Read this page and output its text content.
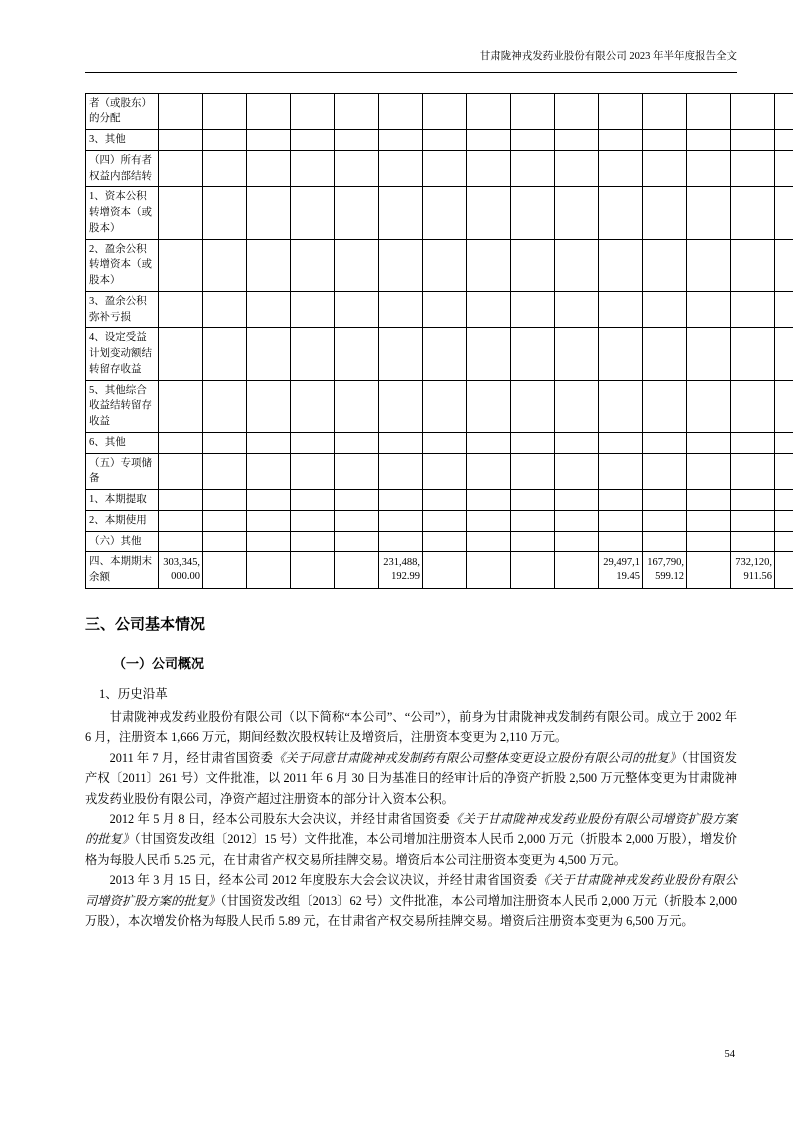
甘肃陇神戎发药业股份有限公司 2023 年半年度报告全文
者（或股东）的分配															
3、其他															
（四）所有者权益内部结转															
1、资本公积转增资本（或股本）															
2、盈余公积转增资本（或股本）															
3、盈余公积弥补亏损															
4、设定受益计划变动额结转留存收益															
5、其他综合收益结转留存收益															
6、其他															
（五）专项储备															
1、本期提取															
2、本期使用															
（六）其他															
四、本期期末余额	303,345,000.00					231,488,192.99					29,497,119.45	167,790,599.12		732,120,911.56	
三、公司基本情况
（一）公司概况
1、历史沿革

甘肃陇神戎发药业股份有限公司（以下简称“本公司”、“公司”），前身为甘肃陇神戎发制药有限公司。成立于 2002 年 6 月，注册资本 1,666 万元，期间经数次股权转让及增资后，注册资本变更为 2,110 万元。

2011 年 7 月，经甘肃省国资委《关于同意甘肃陇神戎发制药有限公司整体变更设立股份有限公司的批复》（甘国资发产权〔2011〕261 号）文件批准，以 2011 年 6 月 30 日为基准日的经审计后的净资产折股 2,500 万元整体变更为甘肃陇神戎发药业股份有限公司，净资产超过注册资本的部分计入资本公积。

2012 年 5 月 8 日，经本公司股东大会决议，并经甘肃省国资委《关于甘肃陇神戎发药业股份有限公司增资扩股方案的批复》（甘国资发改组〔2012〕15 号）文件批准，本公司增加注册资本人民币 2,000 万元（折股本 2,000 万股），增发价格为每股人民币 5.25 元，在甘肃省产权交易所挂牌交易。增资后本公司注册资本变更为 4,500 万元。

2013 年 3 月 15 日，经本公司 2012 年度股东大会会议决议，并经甘肃省国资委《关于甘肃陇神戎发药业股份有限公司增资扩股方案的批复》（甘国资发改组〔2013〕62 号）文件批准，本公司增加注册资本人民币 2,000 万元（折股本 2,000 万股），本次增发价格为每股人民币 5.89 元，在甘肃省产权交易所挂牌交易。增资后注册资本变更为 6,500 万元。

54
